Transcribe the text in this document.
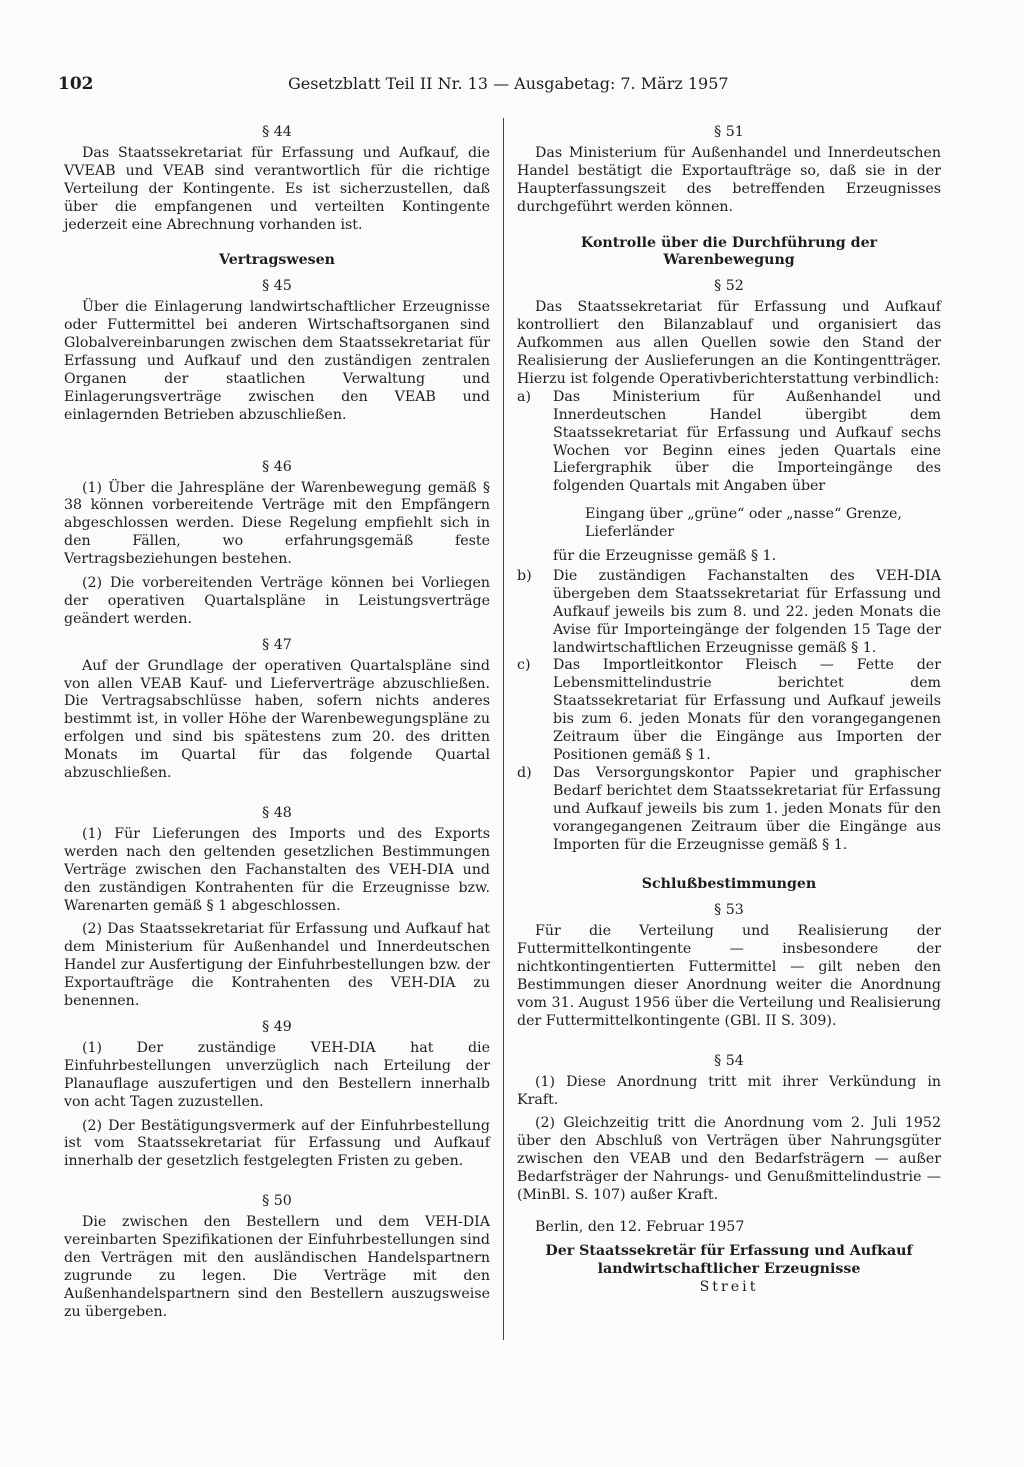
102	Gesetzblatt Teil II Nr. 13 — Ausgabetag: 7. März 1957
§ 44

Das Staatssekretariat für Erfassung und Aufkauf, die VVEAB und VEAB sind verantwortlich für die richtige Verteilung der Kontingente. Es ist sicherzustellen, daß über die empfangenen und verteilten Kontingente jederzeit eine Abrechnung vorhanden ist.

Vertragswesen
§ 45

Über die Einlagerung landwirtschaftlicher Erzeugnisse oder Futtermittel bei anderen Wirtschaftsorganen sind Globalvereinbarungen zwischen dem Staatssekretariat für Erfassung und Aufkauf und den zuständigen zentralen Organen der staatlichen Verwaltung und Einlagerungsverträge zwischen den VEAB und einlagernden Betrieben abzuschließen.

§ 46

(1) Über die Jahrespläne der Warenbewegung gemäß § 38 können vorbereitende Verträge mit den Empfängern abgeschlossen werden. Diese Regelung empfiehlt sich in den Fällen, wo erfahrungsgemäß feste Vertragsbeziehungen bestehen.

(2) Die vorbereitenden Verträge können bei Vorliegen der operativen Quartalspläne in Leistungsverträge geändert werden.

§ 47

Auf der Grundlage der operativen Quartalspläne sind von allen VEAB Kauf- und Lieferverträge abzuschließen. Die Vertragsabschlüsse haben, sofern nichts anderes bestimmt ist, in voller Höhe der Warenbewegungspläne zu erfolgen und sind bis spätestens zum 20. des dritten Monats im Quartal für das folgende Quartal abzuschließen.

§ 48

(1) Für Lieferungen des Imports und des Exports werden nach den geltenden gesetzlichen Bestimmungen Verträge zwischen den Fachanstalten des VEH-DIA und den zuständigen Kontrahenten für die Erzeugnisse bzw. Warenarten gemäß § 1 abgeschlossen.

(2) Das Staatssekretariat für Erfassung und Aufkauf hat dem Ministerium für Außenhandel und Innerdeutschen Handel zur Ausfertigung der Einfuhrbestellungen bzw. der Exportaufträge die Kontrahenten des VEH-DIA zu benennen.

§ 49

(1) Der zuständige VEH-DIA hat die Einfuhrbestellungen unverzüglich nach Erteilung der Planauflage auszufertigen und den Bestellern innerhalb von acht Tagen zuzustellen.

(2) Der Bestätigungsvermerk auf der Einfuhrbestellung ist vom Staatssekretariat für Erfassung und Aufkauf innerhalb der gesetzlich festgelegten Fristen zu geben.

§ 50

Die zwischen den Bestellern und dem VEH-DIA vereinbarten Spezifikationen der Einfuhrbestellungen sind den Verträgen mit den ausländischen Handelspartnern zugrunde zu legen. Die Verträge mit den Außenhandelspartnern sind den Bestellern auszugsweise zu übergeben.

§ 51

Das Ministerium für Außenhandel und Innerdeutschen Handel bestätigt die Exportaufträge so, daß sie in der Haupterfassungszeit des betreffenden Erzeugnisses durchgeführt werden können.

Kontrolle über die Durchführung der Warenbewegung
§ 52

Das Staatssekretariat für Erfassung und Aufkauf kontrolliert den Bilanzablauf und organisiert das Aufkommen aus allen Quellen sowie den Stand der Realisierung der Auslieferungen an die Kontingentträger. Hierzu ist folgende Operativberichterstattung verbindlich:

a)	Das Ministerium für Außenhandel und Innerdeutschen Handel übergibt dem Staatssekretariat für Erfassung und Aufkauf sechs Wochen vor Beginn eines jeden Quartals eine Liefergraphik über die Importeingänge des folgenden Quartals mit Angaben über
Eingang über „grüne“ oder „nasse“ Grenze, Lieferländer
für die Erzeugnisse gemäß § 1.
b)	Die zuständigen Fachanstalten des VEH-DIA übergeben dem Staatssekretariat für Erfassung und Aufkauf jeweils bis zum 8. und 22. jeden Monats die Avise für Importeingänge der folgenden 15 Tage der landwirtschaftlichen Erzeugnisse gemäß § 1.
c)	Das Importleitkontor Fleisch — Fette der Lebensmittelindustrie berichtet dem Staatssekretariat für Erfassung und Aufkauf jeweils bis zum 6. jeden Monats für den vorangegangenen Zeitraum über die Eingänge aus Importen der Positionen gemäß § 1.
d)	Das Versorgungskontor Papier und graphischer Bedarf berichtet dem Staatssekretariat für Erfassung und Aufkauf jeweils bis zum 1. jeden Monats für den vorangegangenen Zeitraum über die Eingänge aus Importen für die Erzeugnisse gemäß § 1.
Schlußbestimmungen
§ 53

Für die Verteilung und Realisierung der Futtermittelkontingente — insbesondere der nichtkontingentierten Futtermittel — gilt neben den Bestimmungen dieser Anordnung weiter die Anordnung vom 31. August 1956 über die Verteilung und Realisierung der Futtermittelkontingente (GBl. II S. 309).

§ 54

(1) Diese Anordnung tritt mit ihrer Verkündung in Kraft.

(2) Gleichzeitig tritt die Anordnung vom 2. Juli 1952 über den Abschluß von Verträgen über Nahrungsgüter zwischen den VEAB und den Bedarfsträgern — außer Bedarfsträger der Nahrungs- und Genußmittelindustrie — (MinBl. S. 107) außer Kraft.

Berlin, den 12. Februar 1957

Der Staatssekretär für Erfassung und Aufkauf
landwirtschaftlicher Erzeugnisse
Streit
